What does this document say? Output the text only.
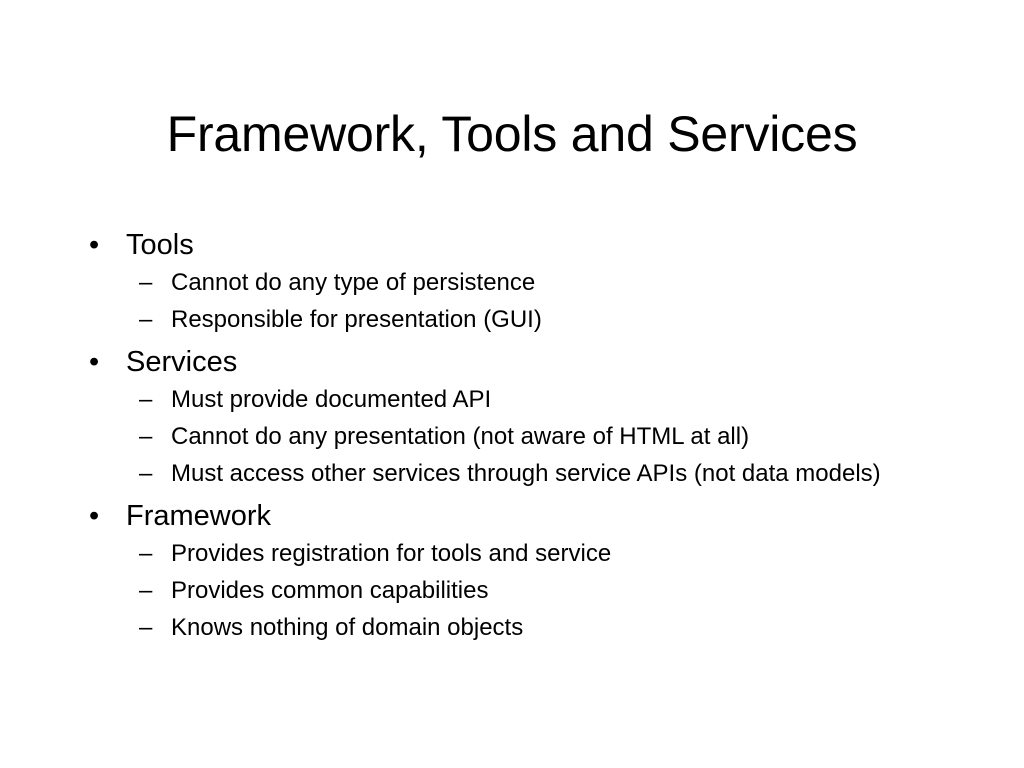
Framework, Tools and Services
• Tools
– Cannot do any type of persistence
– Responsible for presentation (GUI)
• Services
– Must provide documented API
– Cannot do any presentation (not aware of HTML at all)
– Must access other services through service APIs (not data models)
• Framework
– Provides registration for tools and service
– Provides common capabilities
– Knows nothing of domain objects
